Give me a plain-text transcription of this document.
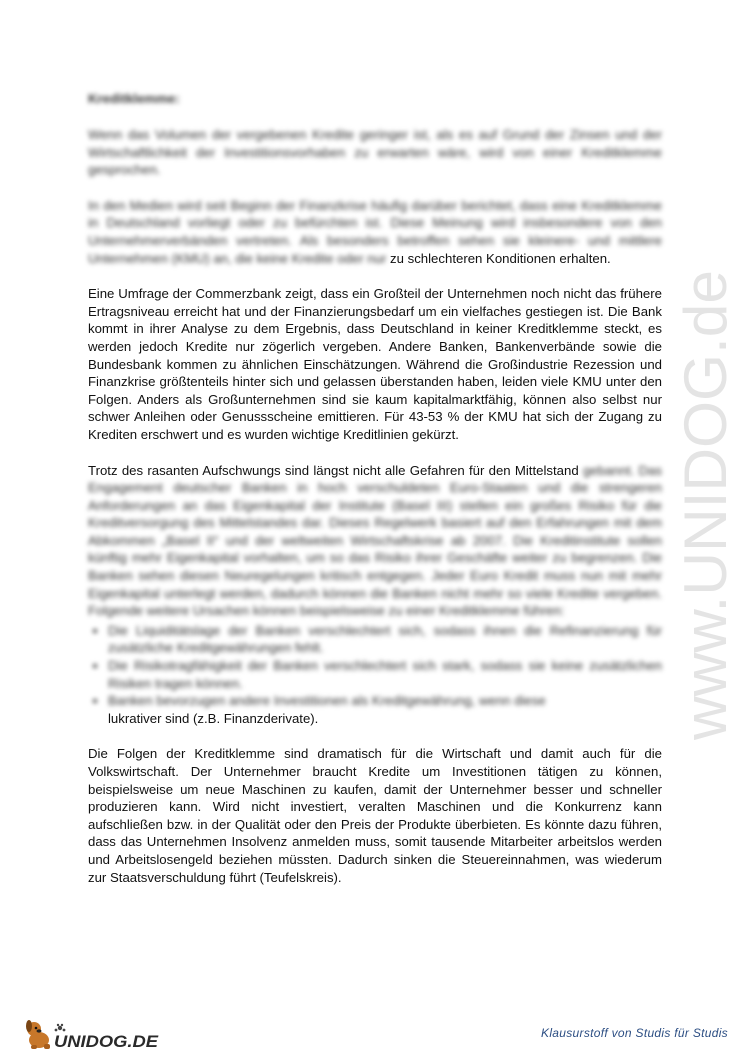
www.UNIDOG.de
Kreditklemme:
Wenn das Volumen der vergebenen Kredite geringer ist, als es auf Grund der Zinsen und der Wirtschaftlichkeit der Investitionsvorhaben zu erwarten wäre, wird von einer Kreditklemme gesprochen.
In den Medien wird seit Beginn der Finanzkrise häufig darüber berichtet, dass eine Kreditklemme in Deutschland vorliegt oder zu befürchten ist. Diese Meinung wird insbesondere von den Unternehmerverbänden vertreten. Als besonders betroffen sehen sie kleinere- und mittlere Unternehmen (KMU) an, die keine Kredite oder nur zu schlechteren Konditionen erhalten.
Eine Umfrage der Commerzbank zeigt, dass ein Großteil der Unternehmen noch nicht das frühere Ertragsniveau erreicht hat und der Finanzierungsbedarf um ein vielfaches gestiegen ist. Die Bank kommt in ihrer Analyse zu dem Ergebnis, dass Deutschland in keiner Kreditklemme steckt, es werden jedoch Kredite nur zögerlich vergeben. Andere Banken, Bankenverbände sowie die Bundesbank kommen zu ähnlichen Einschätzungen. Während die Großindustrie Rezession und Finanzkrise größtenteils hinter sich und gelassen überstanden haben, leiden viele KMU unter den Folgen. Anders als Großunternehmen sind sie kaum kapitalmarktfähig, können also selbst nur schwer Anleihen oder Genussscheine emittieren. Für 43-53 % der KMU hat sich der Zugang zu Krediten erschwert und es wurden wichtige Kreditlinien gekürzt.
Trotz des rasanten Aufschwungs sind längst nicht alle Gefahren für den Mittelstand gebannt. Das Engagement deutscher Banken in hoch verschuldeten Euro-Staaten und die strengeren Anforderungen an das Eigenkapital der Institute (Basel III) stellen ein großes Risiko für die Kreditversorgung des Mittelstandes dar. Dieses Regelwerk basiert auf den Erfahrungen mit dem Abkommen „Basel II“ und der weltweiten Wirtschaftskrise ab 2007. Die Kreditinstitute sollen künftig mehr Eigenkapital vorhalten, um so das Risiko ihrer Geschäfte weiter zu begrenzen. Die Banken sehen diesen Neuregelungen kritisch entgegen. Jeder Euro Kredit muss nun mit mehr Eigenkapital unterlegt werden, dadurch können die Banken nicht mehr so viele Kredite vergeben. Folgende weitere Ursachen können beispielsweise zu einer Kreditklemme führen:
• Die Liquiditätslage der Banken verschlechtert sich, sodass ihnen die Refinanzierung für zusätzliche Kreditgewährungen fehlt.
• Die Risikotragfähigkeit der Banken verschlechtert sich stark, sodass sie keine zusätzlichen Risiken tragen können.
• Banken bevorzugen andere Investitionen als Kreditgewährung, wenn diese
lukrativer sind (z.B. Finanzderivate).
Die Folgen der Kreditklemme sind dramatisch für die Wirtschaft und damit auch für die Volkswirtschaft. Der Unternehmer braucht Kredite um Investitionen tätigen zu können, beispielsweise um neue Maschinen zu kaufen, damit der Unternehmer besser und schneller produzieren kann. Wird nicht investiert, veralten Maschinen und die Konkurrenz kann aufschließen bzw. in der Qualität oder den Preis der Produkte überbieten. Es könnte dazu führen, dass das Unternehmen Insolvenz anmelden muss, somit tausende Mitarbeiter arbeitslos werden und Arbeitslosengeld beziehen müssten. Dadurch sinken die Steuereinnahmen, was wiederum zur Staatsverschuldung führt (Teufelskreis).
UNIDOG.DE	Klausurstoff von Studis für Studis
